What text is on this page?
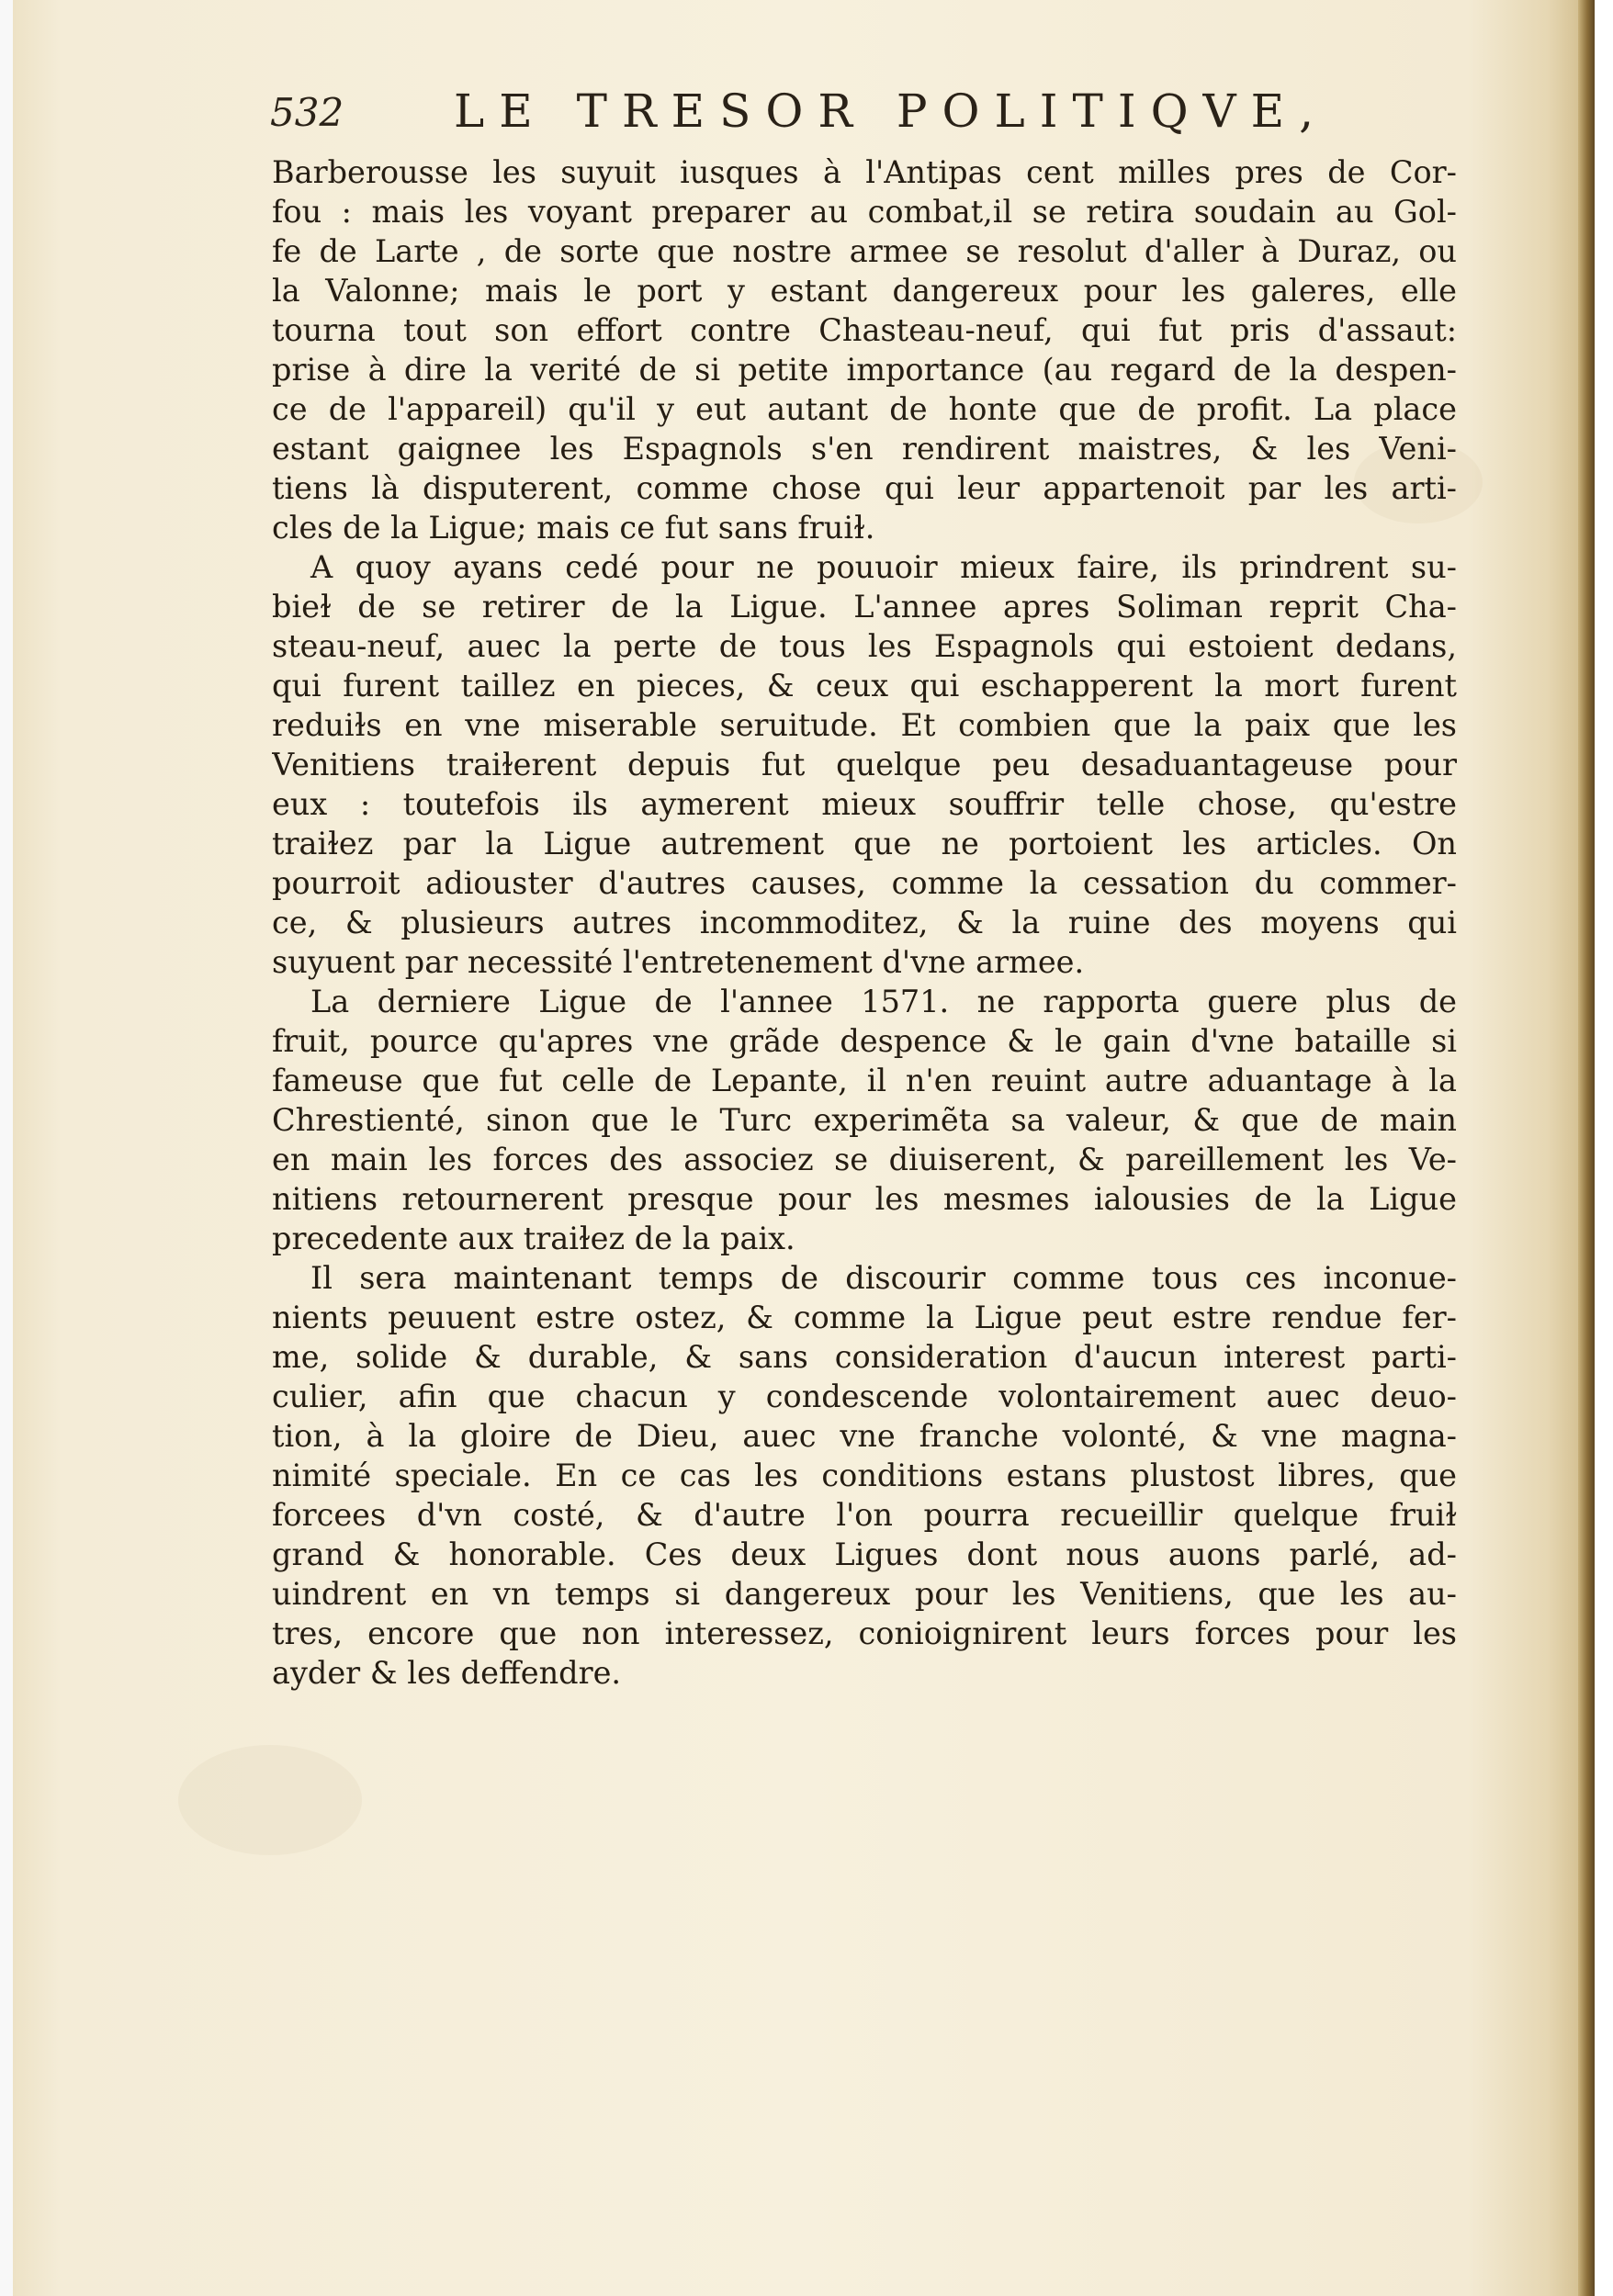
532 LE TRESOR POLITIQVE,
Barberousse les suyuit iusques à l'Antipas cent milles pres de Cor-
fou : mais les voyant preparer au combat,il se retira soudain au Gol-
fe de Larte , de sorte que nostre armee se resolut d'aller à Duraz, ou
la Valonne; mais le port y estant dangereux pour les galeres, elle
tourna tout son effort contre Chasteau-neuf, qui fut pris d'assaut:
prise à dire la verité de si petite importance (au regard de la despen-
ce de l'appareil) qu'il y eut autant de honte que de profit. La place
estant gaignee les Espagnols s'en rendirent maistres, & les Veni-
tiens là disputerent, comme chose qui leur appartenoit par les arti-
cles de la Ligue; mais ce fut sans fruiɫ.
A quoy ayans cedé pour ne pouuoir mieux faire, ils prindrent su-
bieɫ de se retirer de la Ligue. L'annee apres Soliman reprit Cha-
steau-neuf, auec la perte de tous les Espagnols qui estoient dedans,
qui furent taillez en pieces, & ceux qui eschapperent la mort furent
reduiɫs en vne miserable seruitude. Et combien que la paix que les
Venitiens traiɫerent depuis fut quelque peu desaduantageuse pour
eux : toutefois ils aymerent mieux souffrir telle chose, qu'estre
traiɫez par la Ligue autrement que ne portoient les articles. On
pourroit adiouster d'autres causes, comme la cessation du commer-
ce, & plusieurs autres incommoditez, & la ruine des moyens qui
suyuent par necessité l'entretenement d'vne armee.
La derniere Ligue de l'annee 1571. ne rapporta guere plus de
fruit, pource qu'apres vne grãde despence & le gain d'vne bataille si
fameuse que fut celle de Lepante, il n'en reuint autre aduantage à la
Chrestienté, sinon que le Turc experimẽta sa valeur, & que de main
en main les forces des associez se diuiserent, & pareillement les Ve-
nitiens retournerent presque pour les mesmes ialousies de la Ligue
precedente aux traiɫez de la paix.
Il sera maintenant temps de discourir comme tous ces inconue-
nients peuuent estre ostez, & comme la Ligue peut estre rendue fer-
me, solide & durable, & sans consideration d'aucun interest parti-
culier, afin que chacun y condescende volontairement auec deuo-
tion, à la gloire de Dieu, auec vne franche volonté, & vne magna-
nimité speciale. En ce cas les conditions estans plustost libres, que
forcees d'vn costé, & d'autre l'on pourra recueillir quelque fruiɫ
grand & honorable. Ces deux Ligues dont nous auons parlé, ad-
uindrent en vn temps si dangereux pour les Venitiens, que les au-
tres, encore que non interessez, conioignirent leurs forces pour les
ayder & les deffendre.
